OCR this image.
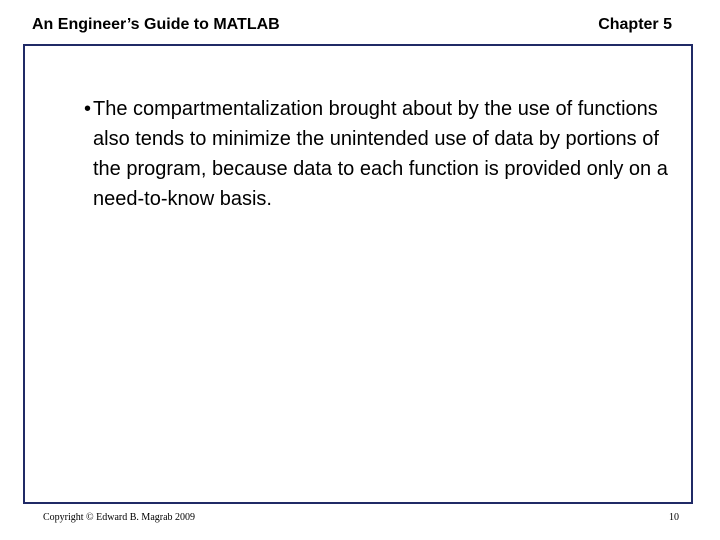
An Engineer’s Guide to MATLAB	Chapter 5
• The compartmentalization brought about by the use of functions also tends to minimize the unintended use of data by portions of the program, because data to each function is provided only on a need-to-know basis.
Copyright © Edward B. Magrab 2009	10
